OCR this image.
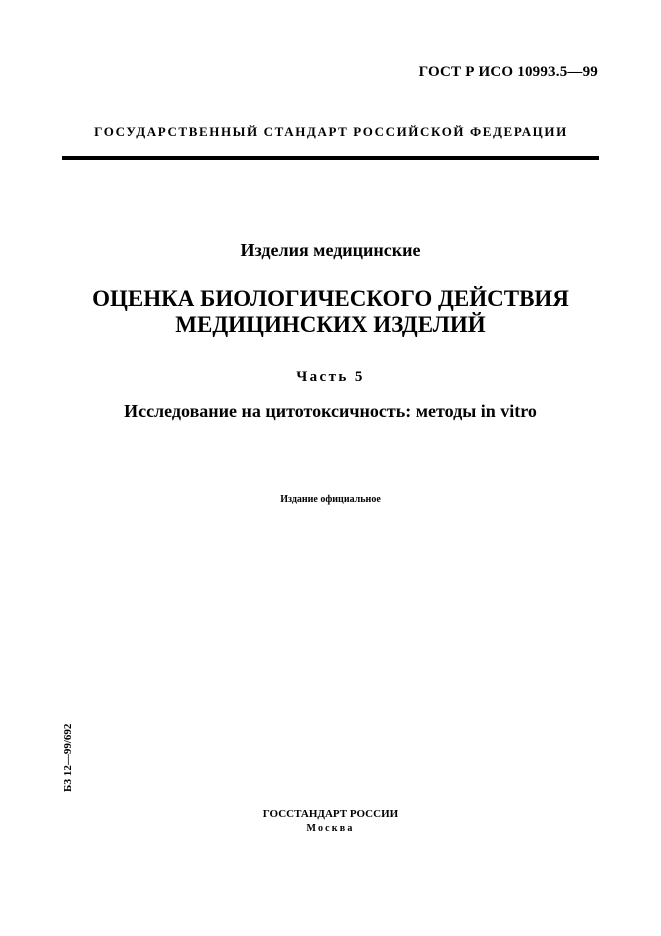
ГОСТ Р ИСО 10993.5—99
ГОСУДАРСТВЕННЫЙ СТАНДАРТ РОССИЙСКОЙ ФЕДЕРАЦИИ
Изделия медицинские
ОЦЕНКА БИОЛОГИЧЕСКОГО ДЕЙСТВИЯ
МЕДИЦИНСКИХ ИЗДЕЛИЙ
Часть 5
Исследование на цитотоксичность: методы in vitro
Издание официальное
БЗ 12—99/692
ГОССТАНДАРТ РОССИИ
Москва
